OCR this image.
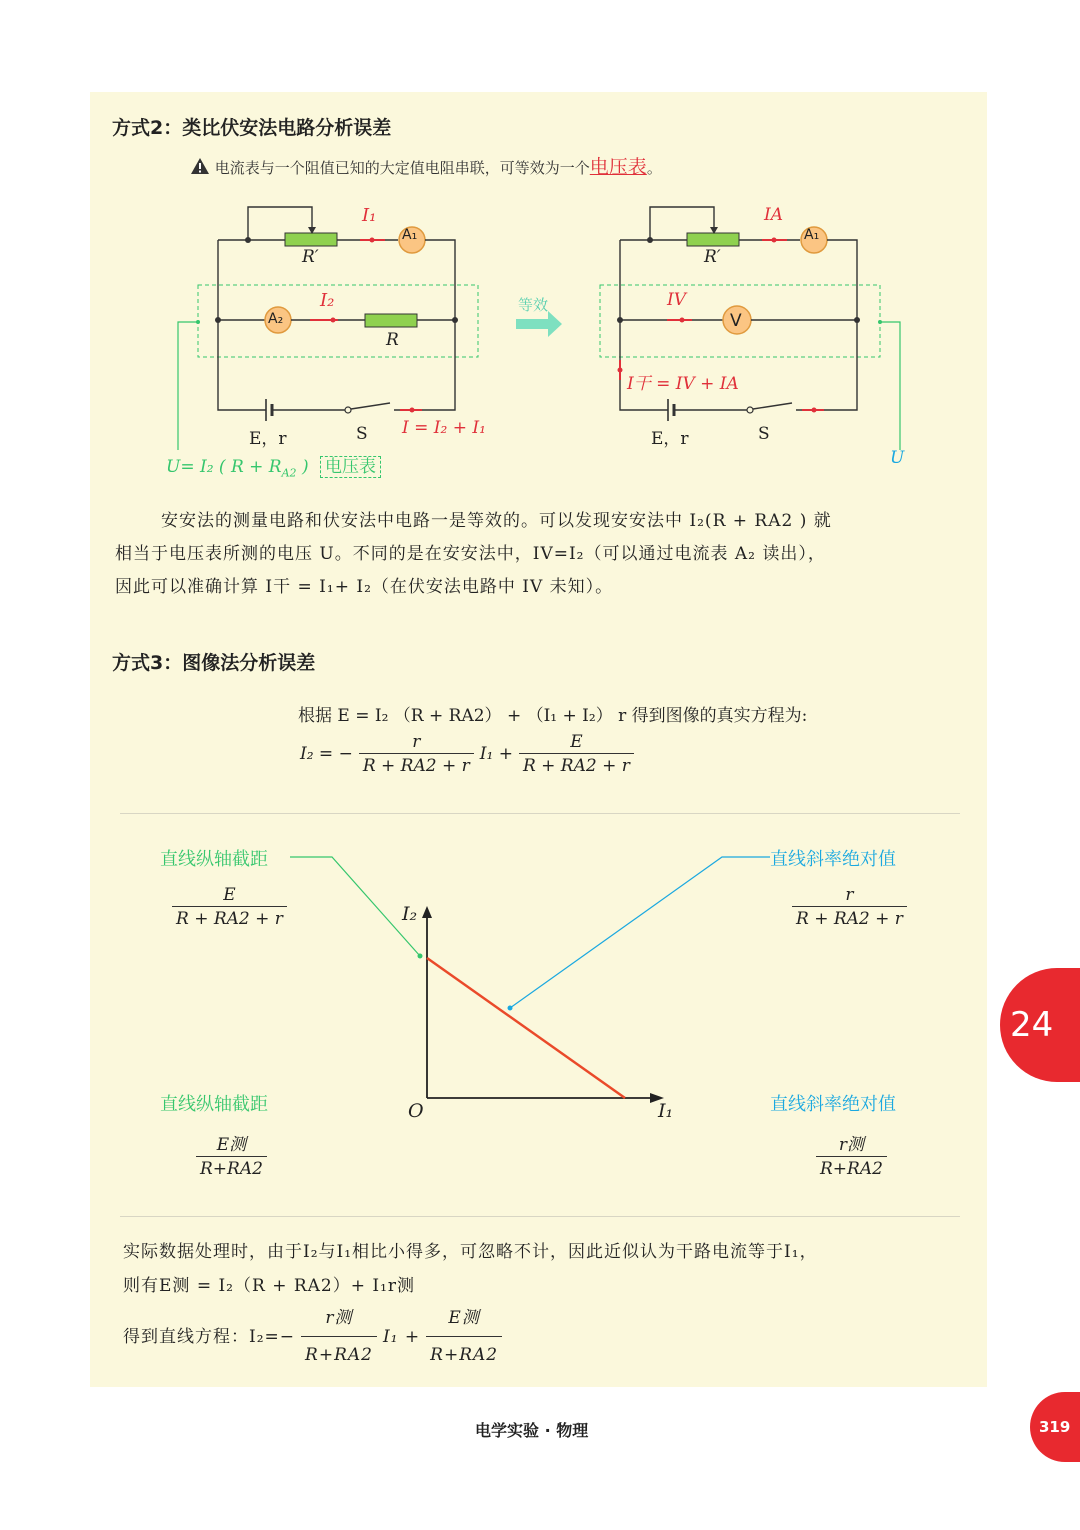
方式2：类比伏安法电路分析误差
电流表与一个阻值已知的大定值电阻串联，可等效为一个电压表。
A₁
I₁
R′
A₂
I₂
R
E，r	S I = I₂ + I₁
U= I₂ ( $R + R_{A2}$ ) 电压表
等效
A₁
IA
R′
IV
V
I干 = IV + IA
E，r	S
U
安安法的测量电路和伏安法中电路一是等效的。可以发现安安法中 I₂(R + RA2 ) 就
相当于电压表所测的电压 U。不同的是在安安法中，IV=I₂（可以通过电流表 A₂ 读出），
因此可以准确计算 I干 = I₁+ I₂（在伏安法电路中 IV 未知）。
方式3：图像法分析误差
根据 E = I₂ （R + RA2） + （I₁ + I₂） r 得到图像的真实方程为:
I₂ = − $\frac{r}{R + RA2 + r} I_1 + \frac{E}{R + RA2 + r}$
I₂
I₁
O
直线纵轴截距
$\frac{E}{R + RA2 + r}$
直线斜率绝对值
$\frac{r}{R + RA2 + r}$
直线纵轴截距
$\frac{\text{E测}}{R+RA2}$
直线斜率绝对值
$\frac{\text{r测}}{R+RA2}$
实际数据处理时，由于I₂与I₁相比小得多，可忽略不计，因此近似认为干路电流等于I₁，
则有E测 = I₂（R + RA2）+ I₁r测
得到直线方程：$I_2=- \frac{\text{r测}}{R+RA2} I_1 + \frac{\text{E测}}{R+RA2}$
电学实验 · 物理
24
319
